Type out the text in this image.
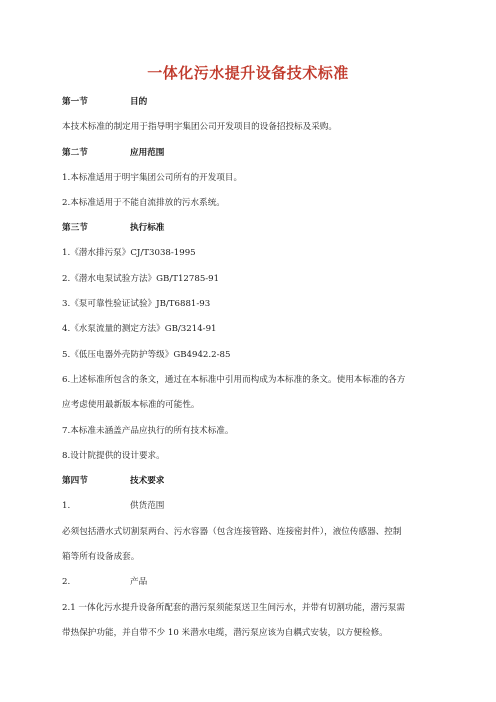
一体化污水提升设备技术标准
第一节	目的
本技术标准的制定用于指导明宇集团公司开发项目的设备招投标及采购。
第二节	应用范围
1.本标准适用于明宇集团公司所有的开发项目。
2.本标准适用于不能自流排放的污水系统。
第三节	执行标准
1.《潜水排污泵》CJ/T3038-1995
2.《潜水电泵试验方法》GB/T12785-91
3.《泵可靠性验证试验》JB/T6881-93
4.《水泵流量的测定方法》GB/3214-91
5.《低压电器外壳防护等级》GB4942.2-85
6.上述标准所包含的条文，通过在本标准中引用而构成为本标准的条文。使用本标准的各方
应考虑使用最新版本标准的可能性。
7.本标准未涵盖产品应执行的所有技术标准。
8.设计院提供的设计要求。
第四节	技术要求
1.	供货范围
必须包括潜水式切割泵两台、污水容器（包含连接管路、连接密封件），液位传感器、控制
箱等所有设备成套。
2.	产品
2.1 一体化污水提升设备所配套的潜污泵须能泵送卫生间污水，并带有切割功能，潜污泵需
带热保护功能，并自带不少 10 米潜水电缆，潜污泵应该为自耦式安装，以方便检修。
